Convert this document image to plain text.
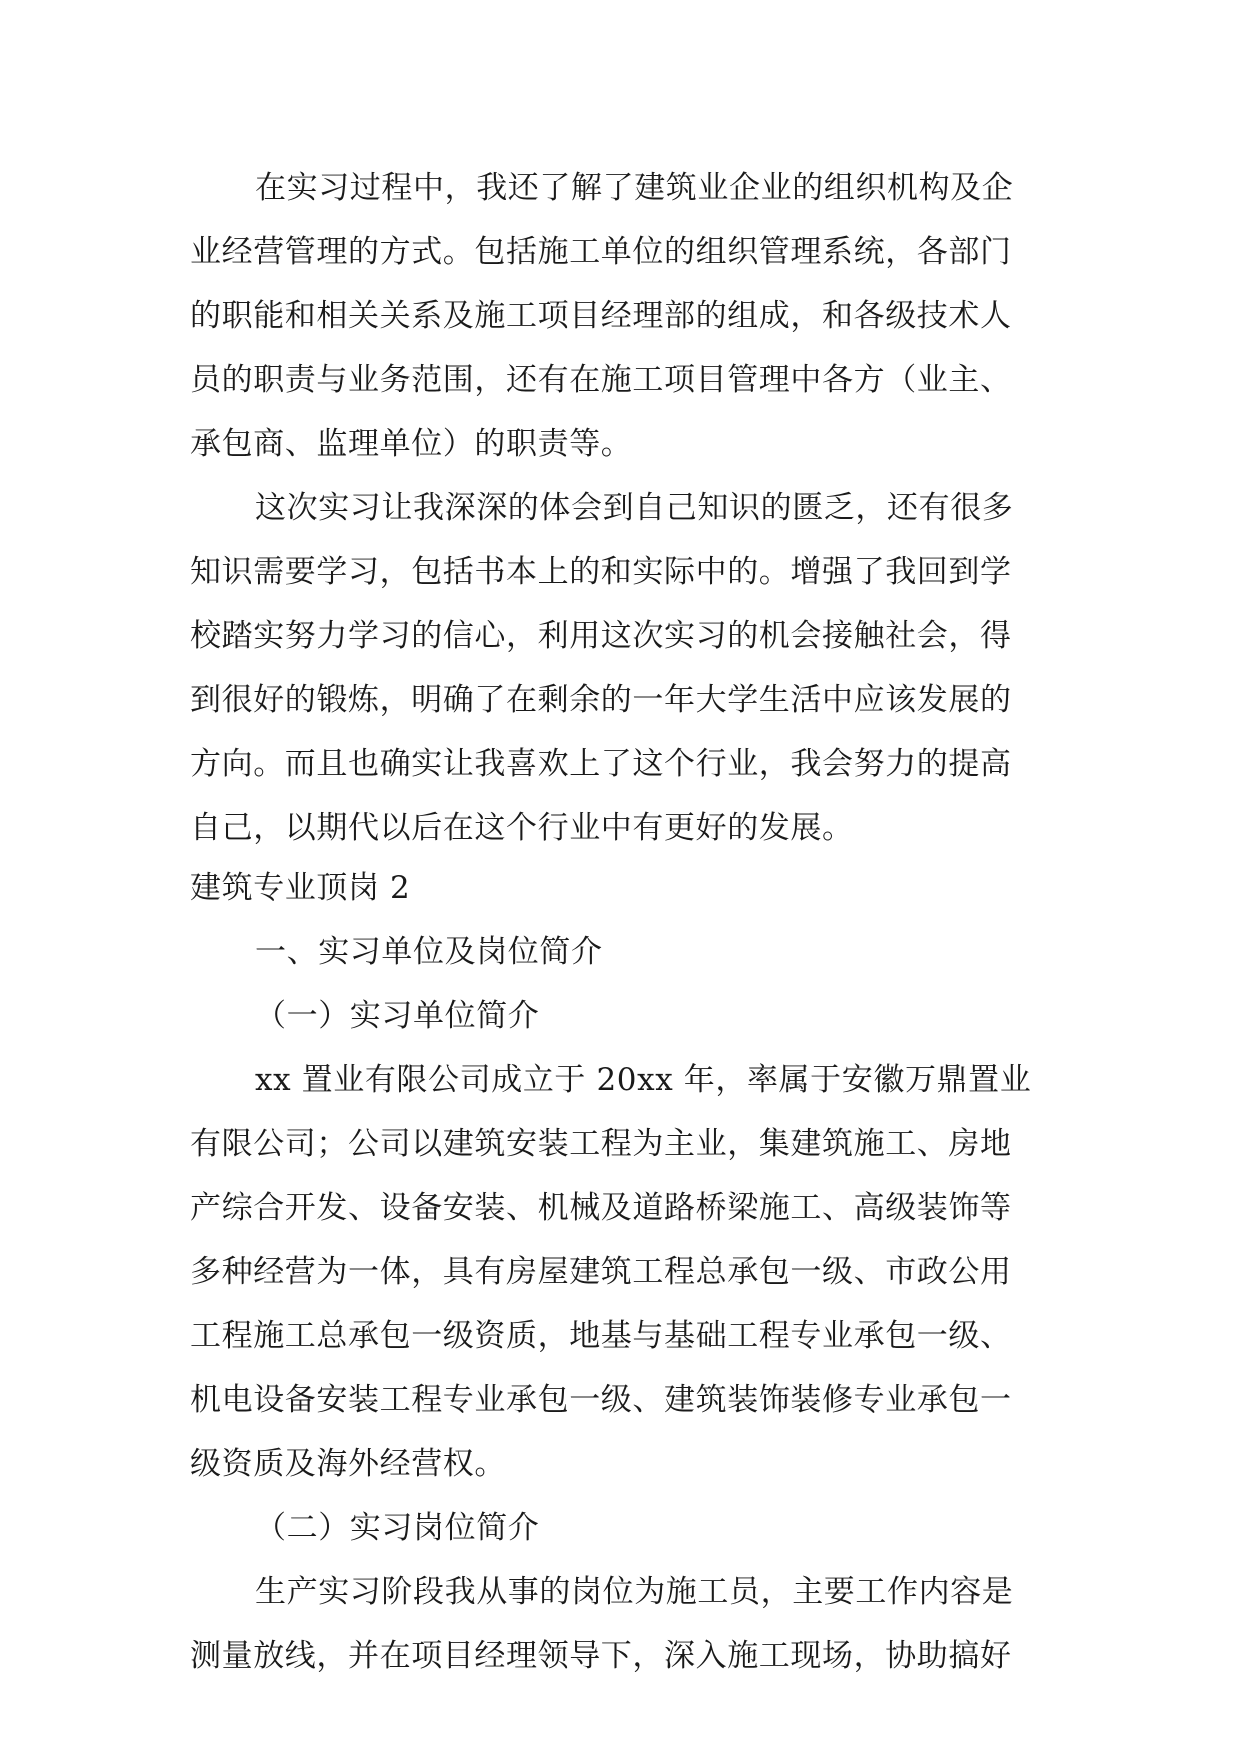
在实习过程中，我还了解了建筑业企业的组织机构及企
业经营管理的方式。包括施工单位的组织管理系统，各部门
的职能和相关关系及施工项目经理部的组成，和各级技术人
员的职责与业务范围，还有在施工项目管理中各方（业主、
承包商、监理单位）的职责等。
这次实习让我深深的体会到自己知识的匮乏，还有很多
知识需要学习，包括书本上的和实际中的。增强了我回到学
校踏实努力学习的信心，利用这次实习的机会接触社会，得
到很好的锻炼，明确了在剩余的一年大学生活中应该发展的
方向。而且也确实让我喜欢上了这个行业，我会努力的提高
自己，以期代以后在这个行业中有更好的发展。
建筑专业顶岗 2
一、实习单位及岗位简介
（一）实习单位简介
xx 置业有限公司成立于 20xx 年，率属于安徽万鼎置业
有限公司；公司以建筑安装工程为主业，集建筑施工、房地
产综合开发、设备安装、机械及道路桥梁施工、高级装饰等
多种经营为一体，具有房屋建筑工程总承包一级、市政公用
工程施工总承包一级资质，地基与基础工程专业承包一级、
机电设备安装工程专业承包一级、建筑装饰装修专业承包一
级资质及海外经营权。
（二）实习岗位简介
生产实习阶段我从事的岗位为施工员，主要工作内容是
测量放线，并在项目经理领导下，深入施工现场，协助搞好
